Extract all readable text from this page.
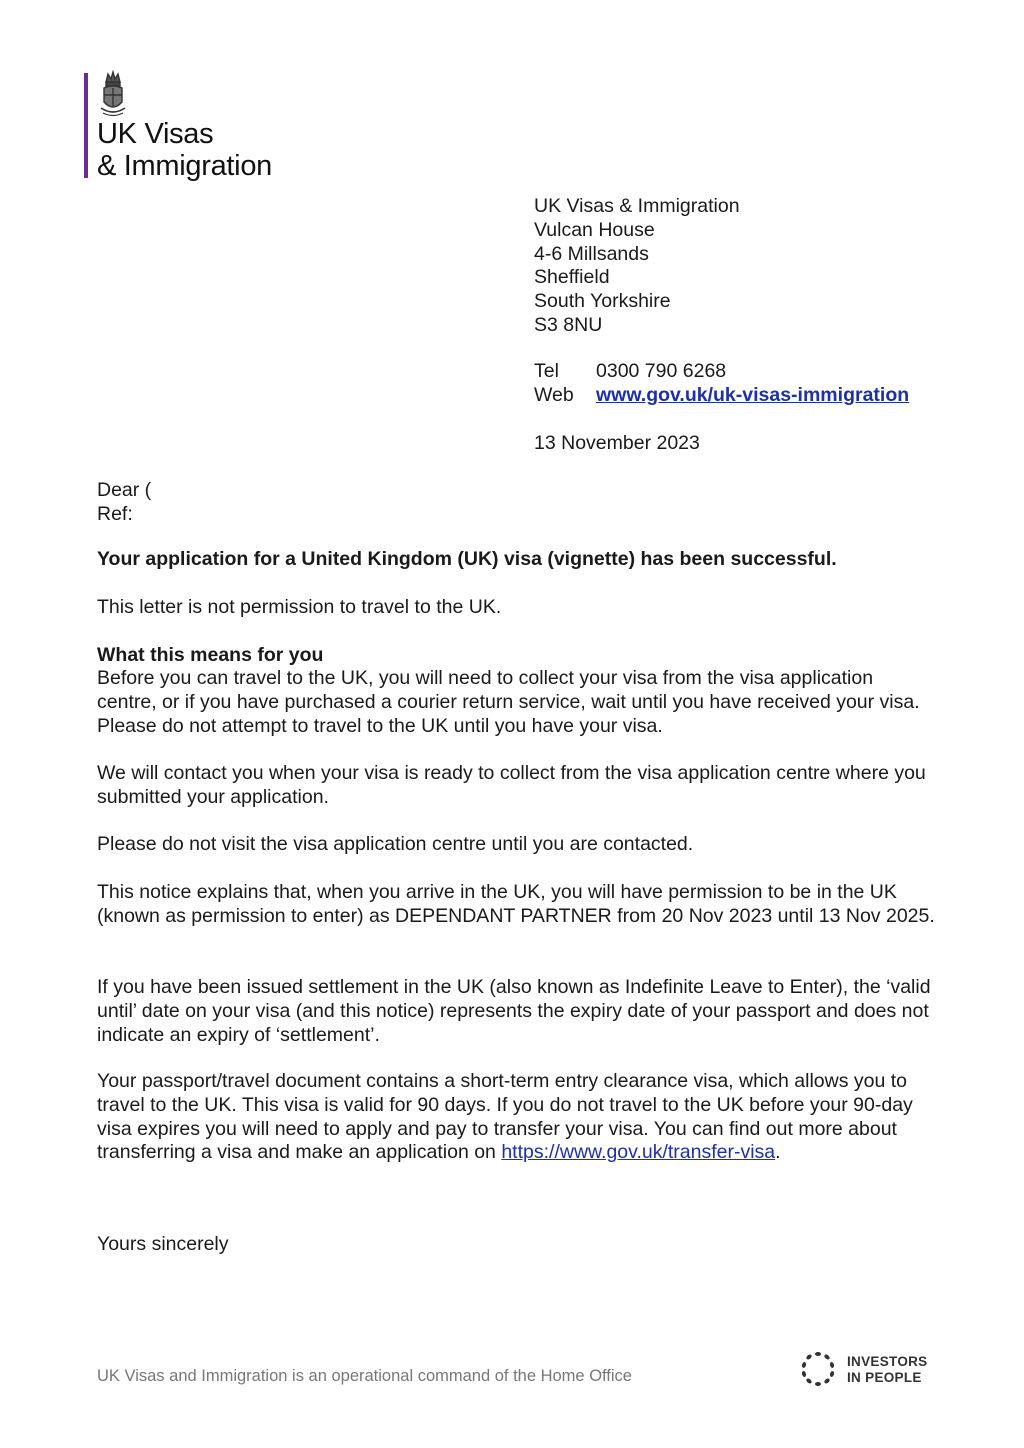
UK Visas
& Immigration
UK Visas & Immigration
Vulcan House
4-6 Millsands
Sheffield
South Yorkshire
S3 8NU
Tel 0300 790 6268
Web www.gov.uk/uk-visas-immigration
13 November 2023
Dear (
Ref:
Your application for a United Kingdom (UK) visa (vignette) has been successful.
This letter is not permission to travel to the UK.
What this means for you

Before you can travel to the UK, you will need to collect your visa from the visa application centre, or if you have purchased a courier return service, wait until you have received your visa. Please do not attempt to travel to the UK until you have your visa.

We will contact you when your visa is ready to collect from the visa application centre where you submitted your application.

Please do not visit the visa application centre until you are contacted.

This notice explains that, when you arrive in the UK, you will have permission to be in the UK (known as permission to enter) as DEPENDANT PARTNER from 20 Nov 2023 until 13 Nov 2025.

If you have been issued settlement in the UK (also known as Indefinite Leave to Enter), the ‘valid until’ date on your visa (and this notice) represents the expiry date of your passport and does not indicate an expiry of ‘settlement’.

Your passport/travel document contains a short-term entry clearance visa, which allows you to travel to the UK. This visa is valid for 90 days. If you do not travel to the UK before your 90-day visa expires you will need to apply and pay to transfer your visa. You can find out more about transferring a visa and make an application on https://www.gov.uk/transfer-visa.

Yours sincerely
UK Visas and Immigration is an operational command of the Home Office
INVESTORS
IN PEOPLE
